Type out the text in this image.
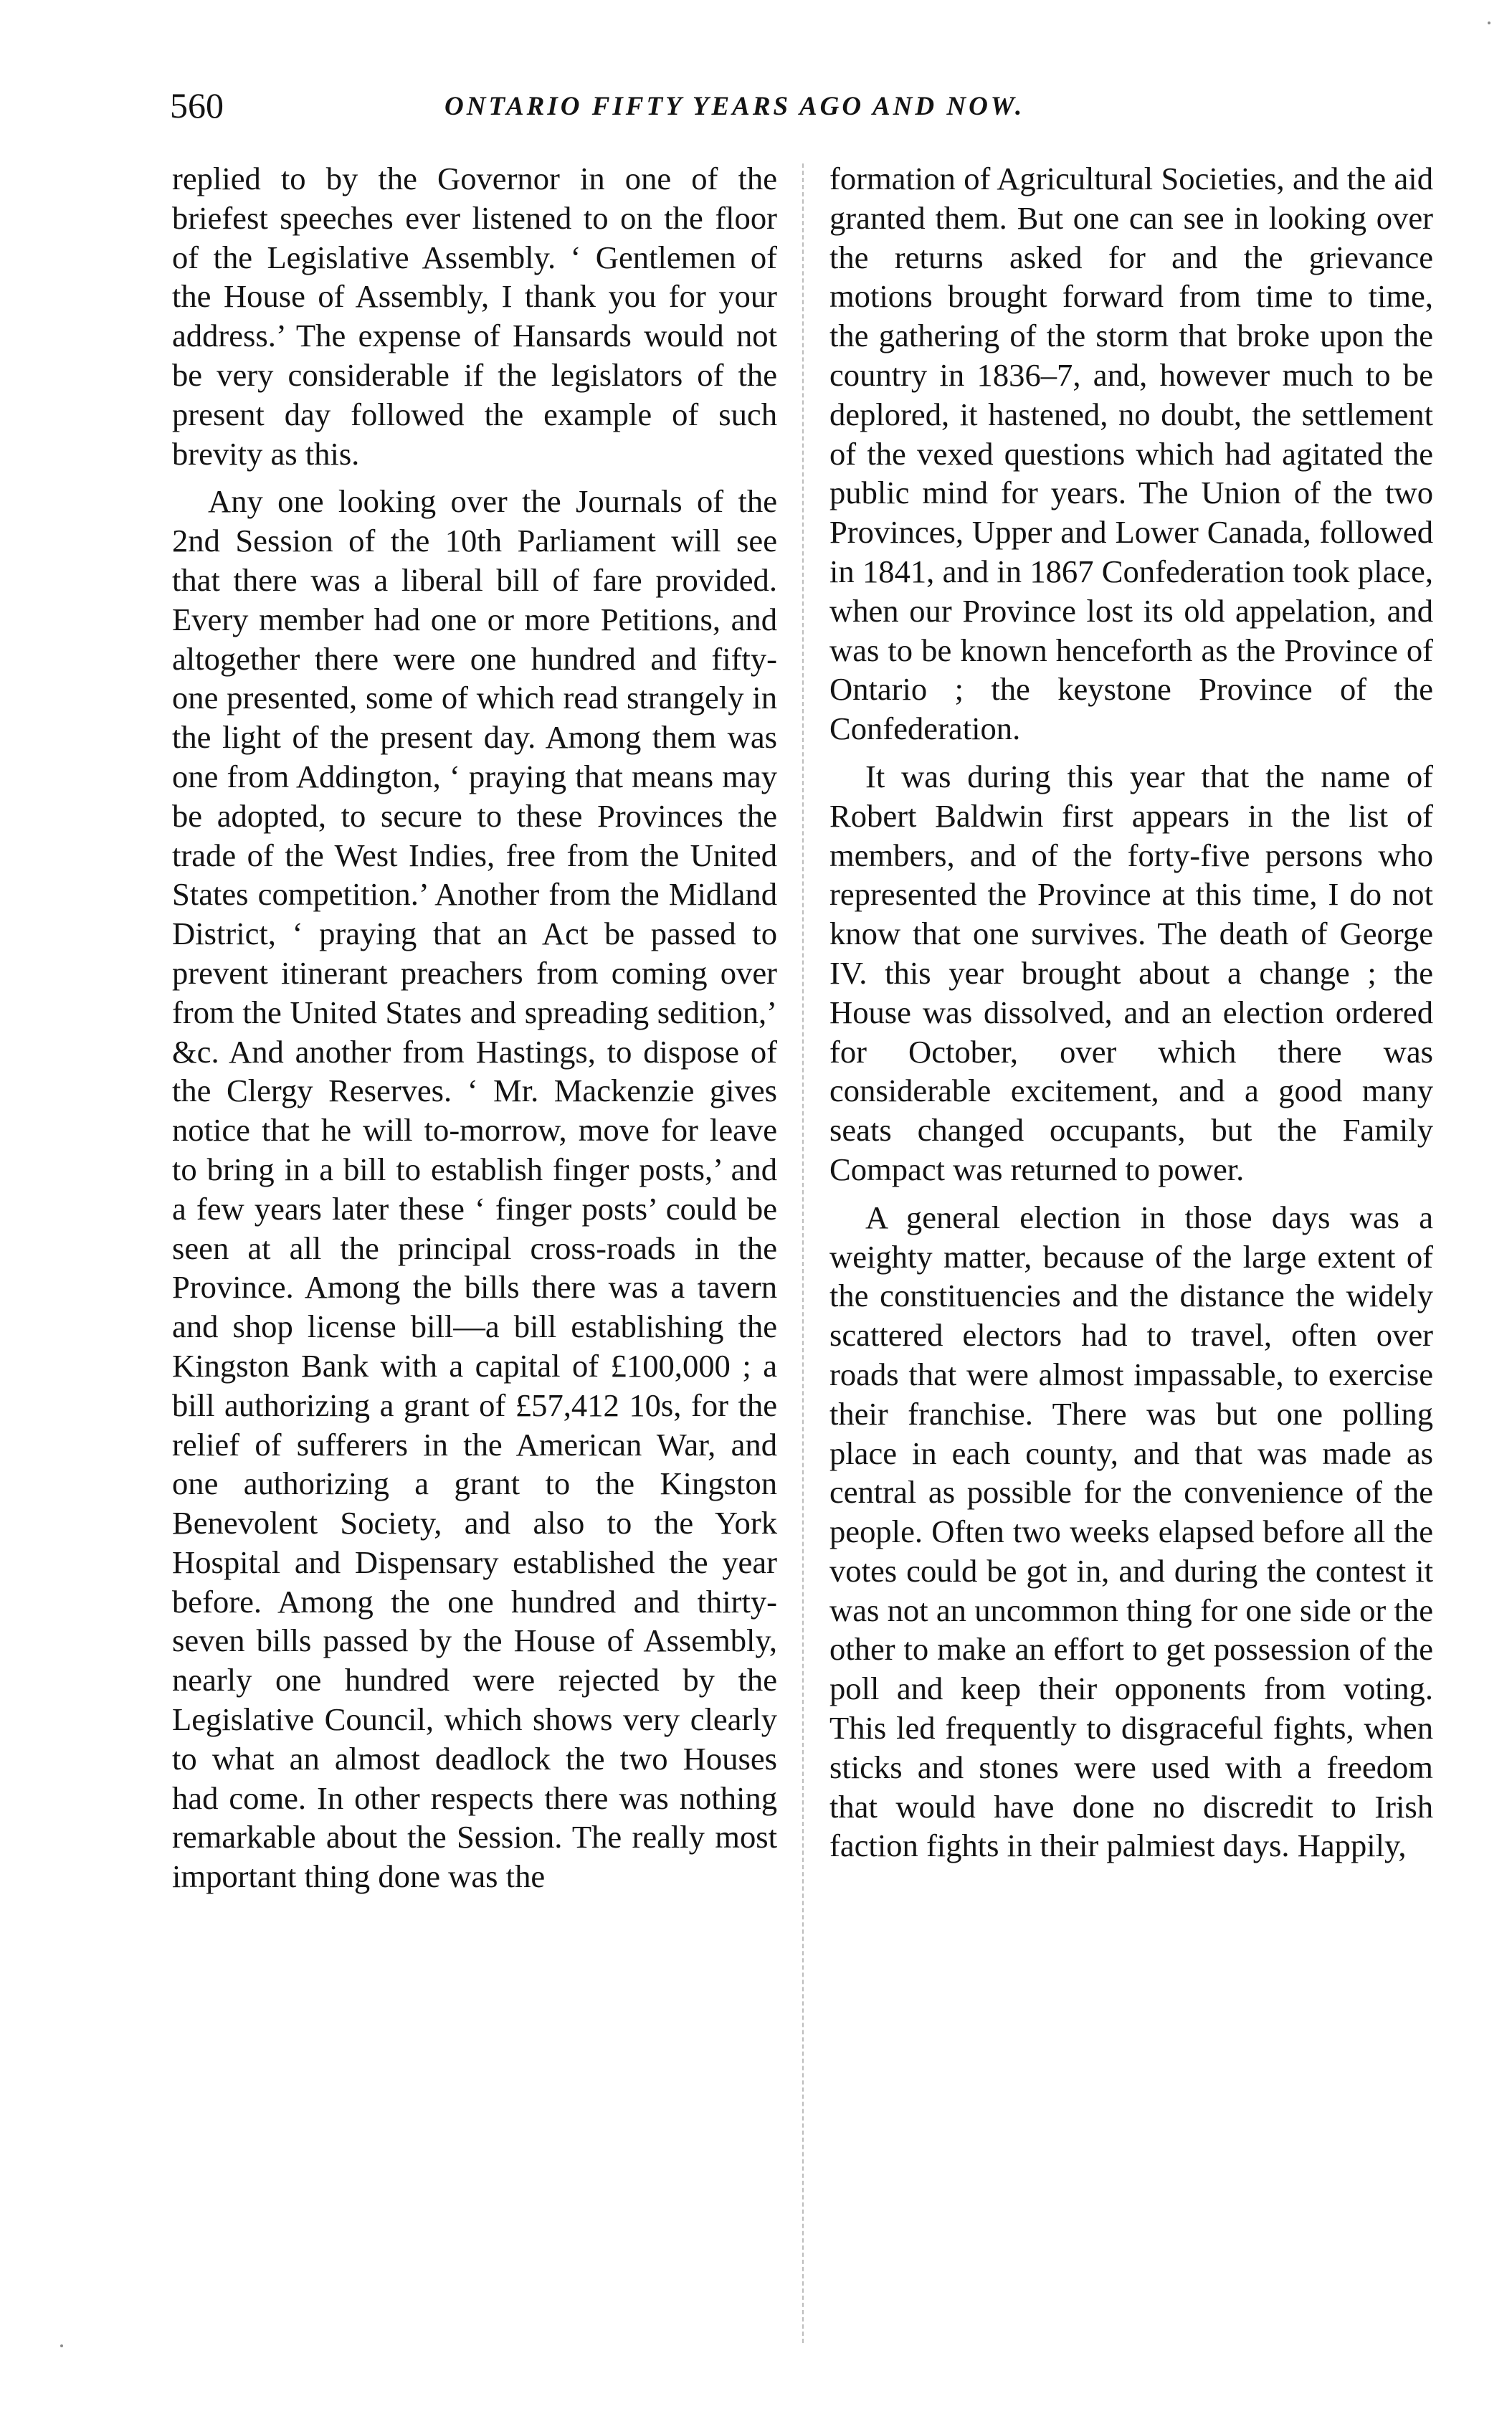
560	ONTARIO FIFTY YEARS AGO AND NOW.

replied to by the Governor in one of the briefest speeches ever listened to on the floor of the Legislative Assembly. ‘ Gentlemen of the House of Assembly, I thank you for your address.’ The expense of Hansards would not be very considerable if the legislators of the present day followed the example of such brevity as this.

Any one looking over the Journals of the 2nd Session of the 10th Parliament will see that there was a liberal bill of fare provided. Every member had one or more Petitions, and altogether there were one hundred and fifty-one presented, some of which read strangely in the light of the present day. Among them was one from Addington, ‘ praying that means may be adopted, to secure to these Provinces the trade of the West Indies, free from the United States competition.’ Another from the Midland District, ‘ praying that an Act be passed to prevent itinerant preachers from coming over from the United States and spreading sedition,’ &c. And another from Hastings, to dispose of the Clergy Reserves. ‘ Mr. Mackenzie gives notice that he will to-morrow, move for leave to bring in a bill to establish finger posts,’ and a few years later these ‘ finger posts’ could be seen at all the principal cross-roads in the Province. Among the bills there was a tavern and shop license bill—a bill establishing the Kingston Bank with a capital of £100,000 ; a bill authorizing a grant of £57,412 10s, for the relief of sufferers in the American War, and one authorizing a grant to the Kingston Benevolent Society, and also to the York Hospital and Dispensary established the year before. Among the one hundred and thirty-seven bills passed by the House of Assembly, nearly one hundred were rejected by the Legislative Council, which shows very clearly to what an almost deadlock the two Houses had come. In other respects there was nothing remarkable about the Session. The really most important thing done was the

formation of Agricultural Societies, and the aid granted them. But one can see in looking over the returns asked for and the grievance motions brought forward from time to time, the gathering of the storm that broke upon the country in 1836–7, and, however much to be deplored, it hastened, no doubt, the settlement of the vexed questions which had agitated the public mind for years. The Union of the two Provinces, Upper and Lower Canada, followed in 1841, and in 1867 Confederation took place, when our Province lost its old appelation, and was to be known henceforth as the Province of Ontario ; the keystone Province of the Confederation.

It was during this year that the name of Robert Baldwin first appears in the list of members, and of the forty-five persons who represented the Province at this time, I do not know that one survives. The death of George IV. this year brought about a change ; the House was dissolved, and an election ordered for October, over which there was considerable excitement, and a good many seats changed occupants, but the Family Compact was returned to power.

A general election in those days was a weighty matter, because of the large extent of the constituencies and the distance the widely scattered electors had to travel, often over roads that were almost impassable, to exercise their franchise. There was but one polling place in each county, and that was made as central as possible for the convenience of the people. Often two weeks elapsed before all the votes could be got in, and during the contest it was not an uncommon thing for one side or the other to make an effort to get possession of the poll and keep their opponents from voting. This led frequently to disgraceful fights, when sticks and stones were used with a freedom that would have done no discredit to Irish faction fights in their palmiest days. Happily,
